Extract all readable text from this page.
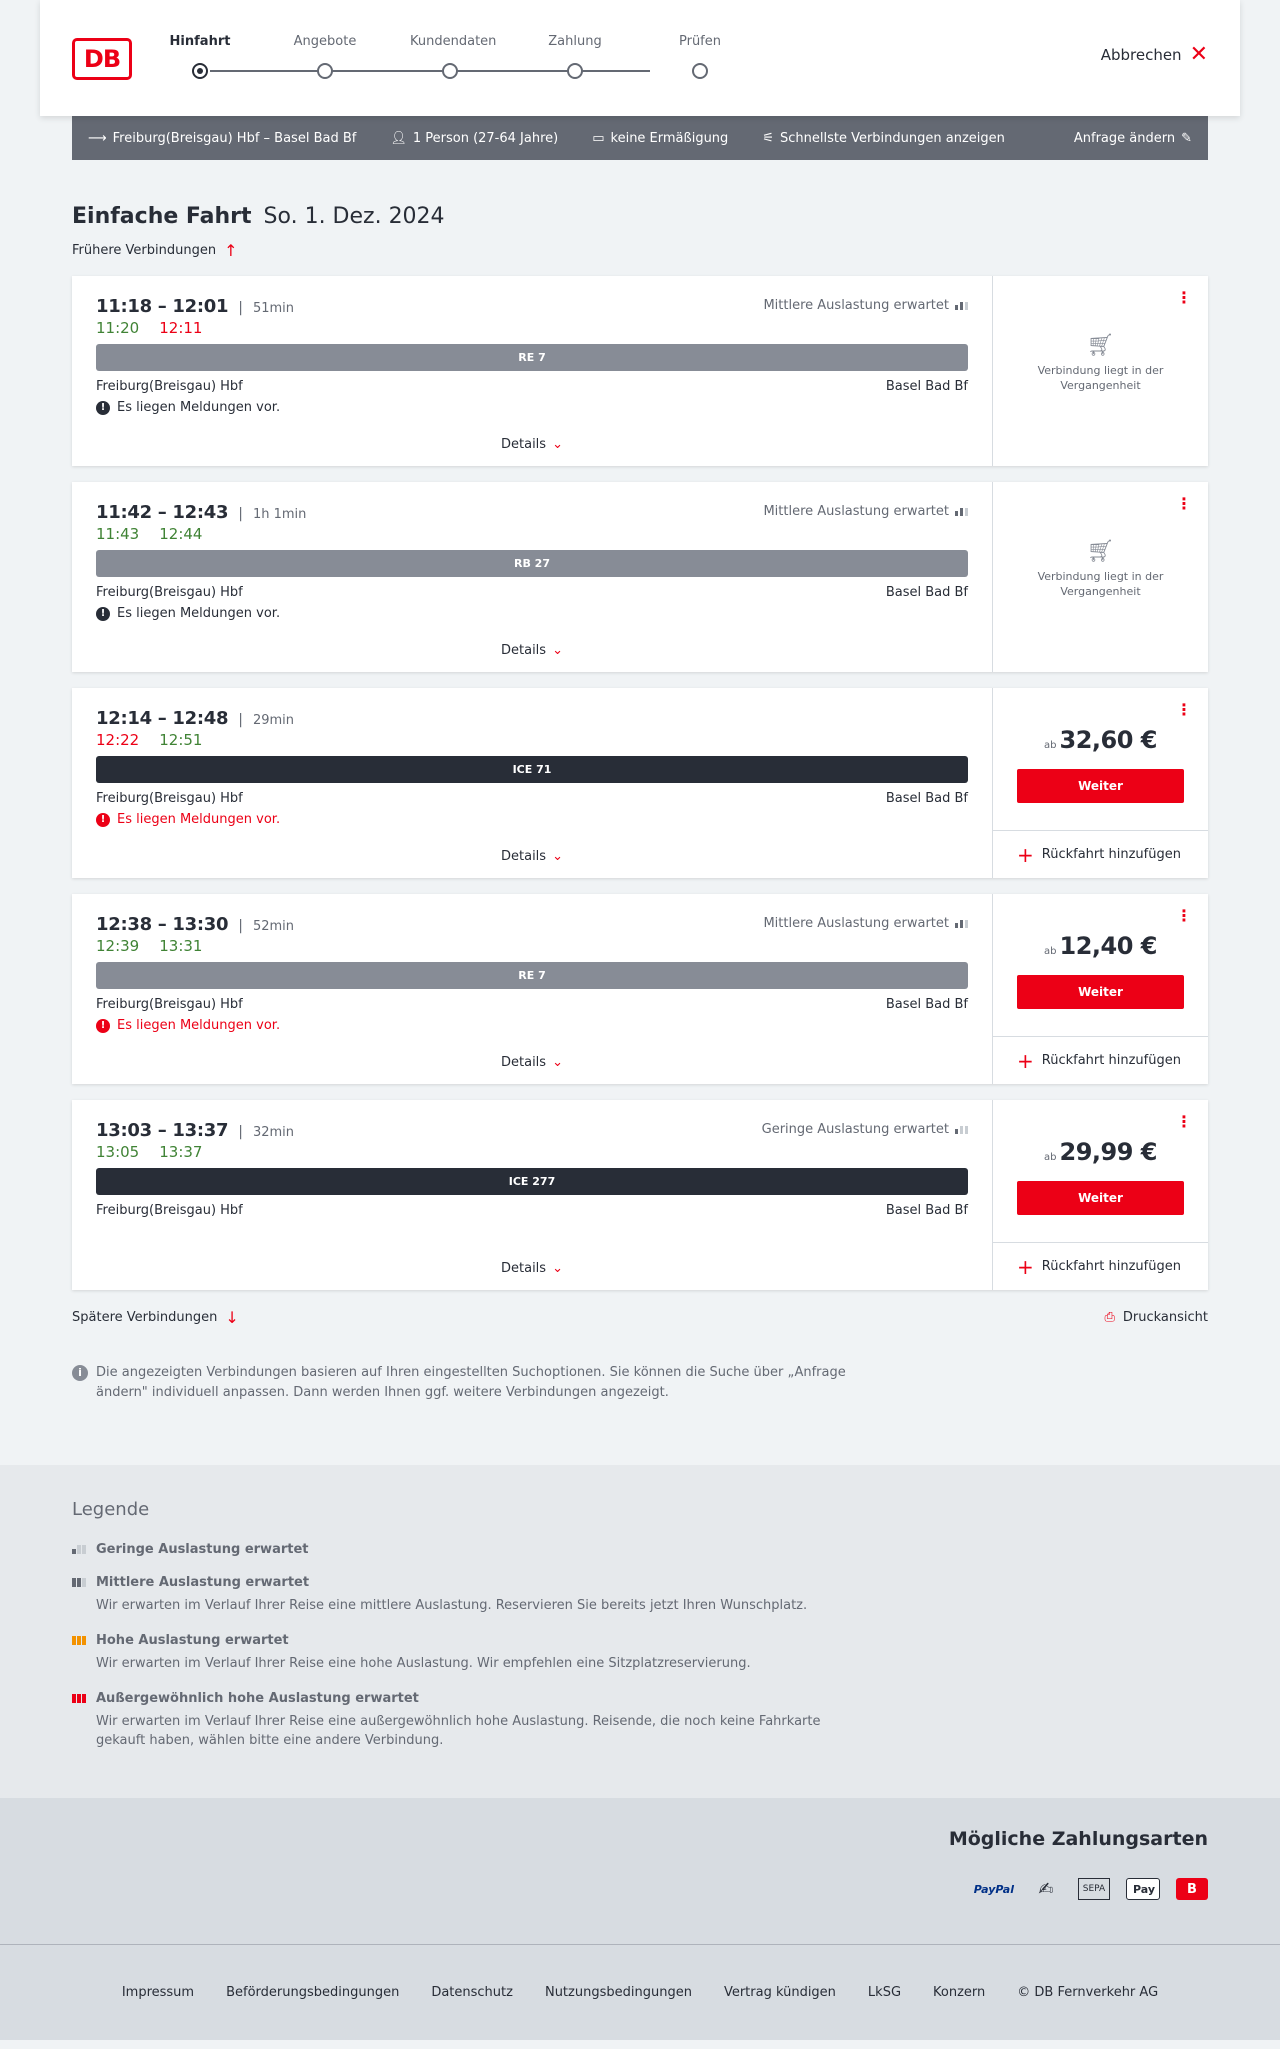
DB
Hinfahrt	Angebote	Kundendaten	Zahlung	Prüfen
Abbrechen ✕
⟶ Freiburg(Breisgau) Hbf – Basel Bad Bf	👤︎ 1 Person (27-64 Jahre)	▭ keine Ermäßigung	⚟ Schnellste Verbindungen anzeigen	Anfrage ändern ✎
Einfache Fahrt So. 1. Dez. 2024
Frühere Verbindungen ↑
11:18 – 12:01 | 51min	Mittlere Auslastung erwartet
11:20 12:11
RE 7
Freiburg(Breisgau) Hbf	Basel Bad Bf
! Es liegen Meldungen vor.
Details ⌄
⋮
🛒︎
Verbindung liegt in der Vergangenheit
11:42 – 12:43 | 1h 1min	Mittlere Auslastung erwartet
11:43 12:44
RB 27
Freiburg(Breisgau) Hbf	Basel Bad Bf
! Es liegen Meldungen vor.
Details ⌄
⋮
🛒︎
Verbindung liegt in der Vergangenheit
12:14 – 12:48 | 29min
12:22 12:51
ICE 71
Freiburg(Breisgau) Hbf	Basel Bad Bf
! Es liegen Meldungen vor.
Details ⌄
⋮
ab 32,60 €
Weiter
+ Rückfahrt hinzufügen
12:38 – 13:30 | 52min	Mittlere Auslastung erwartet
12:39 13:31
RE 7
Freiburg(Breisgau) Hbf	Basel Bad Bf
! Es liegen Meldungen vor.
Details ⌄
⋮
ab 12,40 €
Weiter
+ Rückfahrt hinzufügen
13:03 – 13:37 | 32min	Geringe Auslastung erwartet
13:05 13:37
ICE 277
Freiburg(Breisgau) Hbf	Basel Bad Bf
Details ⌄
⋮
ab 29,99 €
Weiter
+ Rückfahrt hinzufügen
Spätere Verbindungen ↓	⎙ Druckansicht
i	Die angezeigten Verbindungen basieren auf Ihren eingestellten Suchoptionen. Sie können die Suche über „Anfrage ändern" individuell anpassen. Dann werden Ihnen ggf. weitere Verbindungen angezeigt.
Legende
Geringe Auslastung erwartet
Mittlere Auslastung erwartet
Wir erwarten im Verlauf Ihrer Reise eine mittlere Auslastung. Reservieren Sie bereits jetzt Ihren Wunschplatz.
Hohe Auslastung erwartet
Wir erwarten im Verlauf Ihrer Reise eine hohe Auslastung. Wir empfehlen eine Sitzplatzreservierung.
Außergewöhnlich hohe Auslastung erwartet
Wir erwarten im Verlauf Ihrer Reise eine außergewöhnlich hohe Auslastung. Reisende, die noch keine Fahrkarte gekauft haben, wählen bitte eine andere Verbindung.
Mögliche Zahlungsarten
PayPal	✍	SEPA	Pay	B
Impressum Beförderungsbedingungen Datenschutz Nutzungsbedingungen Vertrag kündigen LkSG Konzern © DB Fernverkehr AG
